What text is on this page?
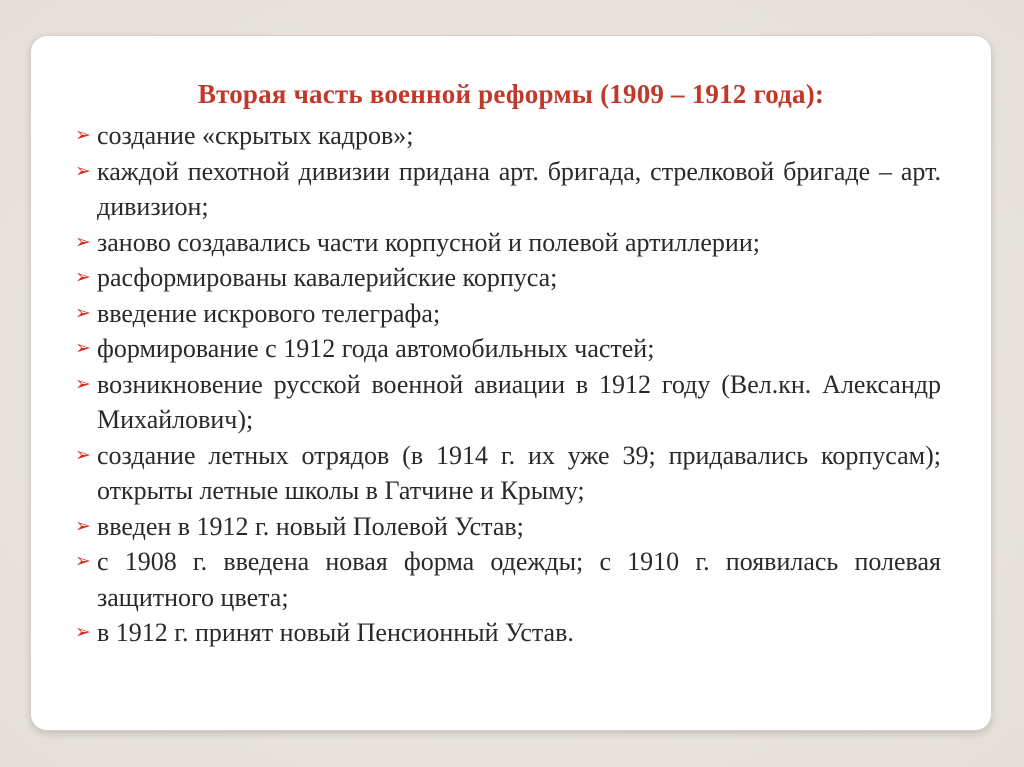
Вторая часть военной реформы (1909 – 1912 года):
➢ создание «скрытых кадров»;
➢ каждой пехотной дивизии придана арт. бригада, стрелковой бригаде – арт. дивизион;
➢ заново создавались части корпусной и полевой артиллерии;
➢ расформированы кавалерийские корпуса;
➢ введение искрового телеграфа;
➢ формирование с 1912 года автомобильных частей;
➢ возникновение русской военной авиации в 1912 году (Вел.кн. Александр Михайлович);
➢ создание летных отрядов (в 1914 г. их уже 39; придавались корпусам); открыты летные школы в Гатчине и Крыму;
➢ введен в 1912 г. новый Полевой Устав;
➢ с 1908 г. введена новая форма одежды; с 1910 г. появилась полевая защитного цвета;
➢ в 1912 г. принят новый Пенсионный Устав.
